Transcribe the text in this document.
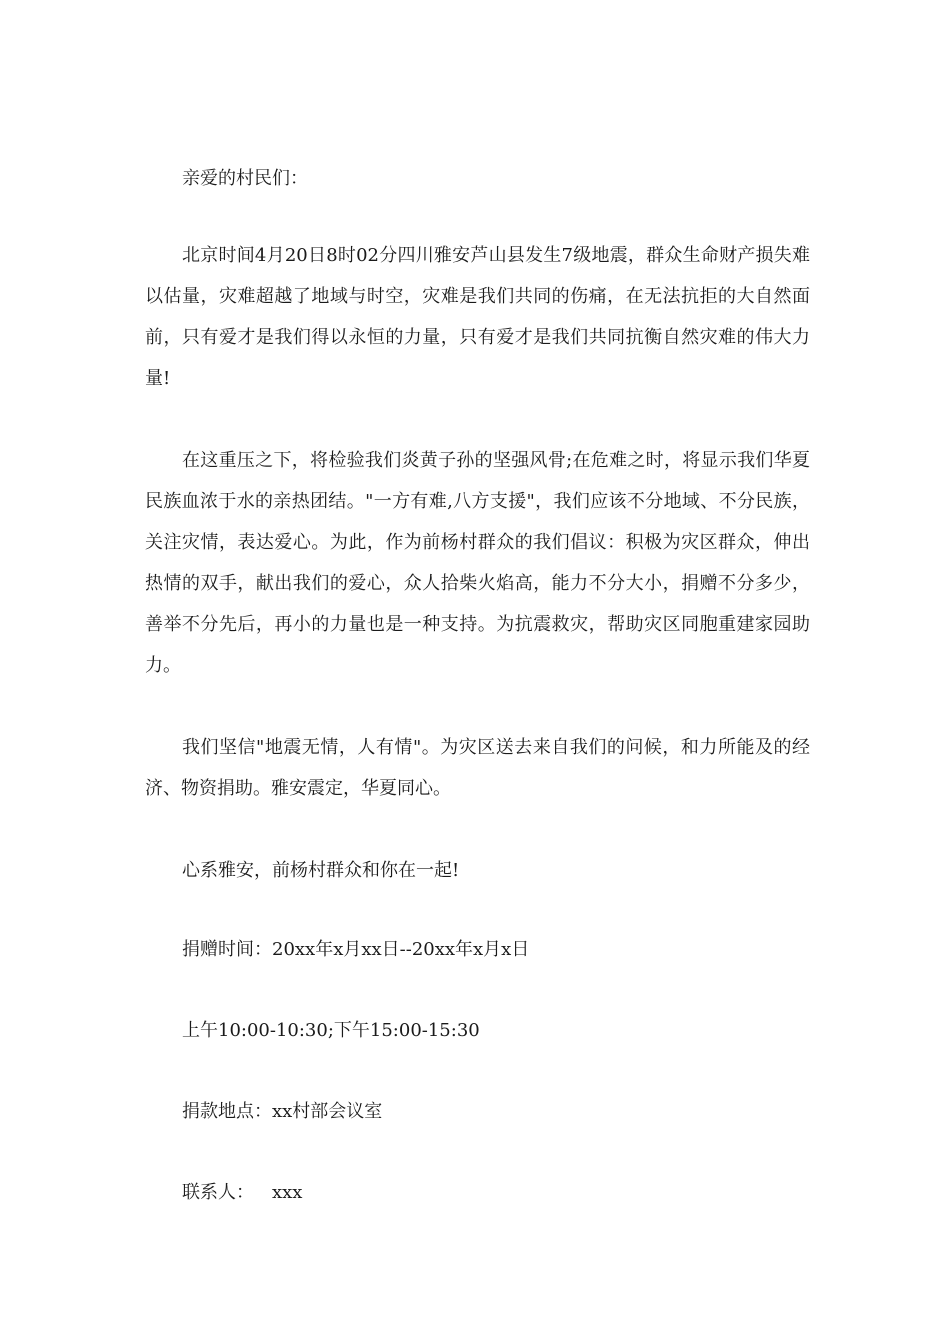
亲爱的村民们：

北京时间4月20日8时02分四川雅安芦山县发生7级地震，群众生命财产损失难以估量，灾难超越了地域与时空，灾难是我们共同的伤痛，在无法抗拒的大自然面前，只有爱才是我们得以永恒的力量，只有爱才是我们共同抗衡自然灾难的伟大力量!

在这重压之下，将检验我们炎黄子孙的坚强风骨;在危难之时，将显示我们华夏民族血浓于水的亲热团结。"一方有难,八方支援"，我们应该不分地域、不分民族，关注灾情，表达爱心。为此，作为前杨村群众的我们倡议：积极为灾区群众，伸出热情的双手，献出我们的爱心，众人拾柴火焰高，能力不分大小，捐赠不分多少，善举不分先后，再小的力量也是一种支持。为抗震救灾，帮助灾区同胞重建家园助力。

我们坚信"地震无情，人有情"。为灾区送去来自我们的问候，和力所能及的经济、物资捐助。雅安震定，华夏同心。

心系雅安，前杨村群众和你在一起!

捐赠时间：20xx年x月xx日--20xx年x月x日

上午10:00-10:30;下午15:00-15:30

捐款地点：xx村部会议室

联系人： xxx
